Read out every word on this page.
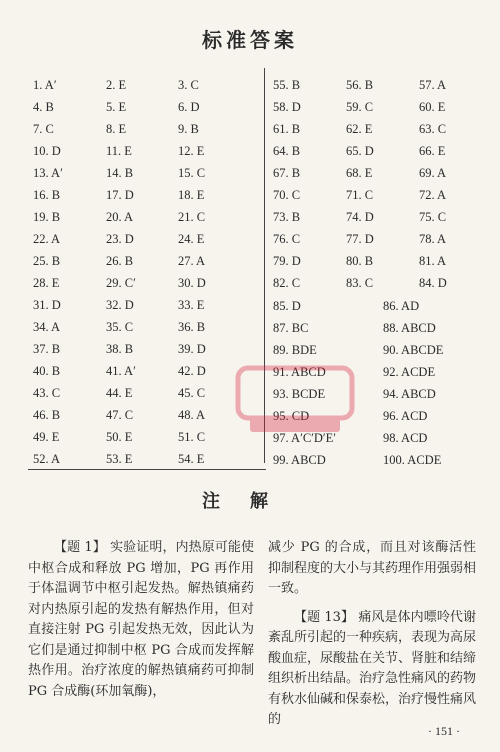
标准答案
1. A′	2. E	3. C
4. B	5. E	6. D
7. C	8. E	9. B
10. D	11. E	12. E
13. A′	14. B	15. C
16. B	17. D	18. E
19. B	20. A	21. C
22. A	23. D	24. E
25. B	26. B	27. A
28. E	29. C′	30. D
31. D	32. D	33. E
34. A	35. C	36. B
37. B	38. B	39. D
40. B	41. A′	42. D
43. C	44. E	45. C
46. B	47. C	48. A
49. E	50. E	51. C
52. A	53. E	54. E
55. B	56. B	57. A
58. D	59. C	60. E
61. B	62. E	63. C
64. B	65. D	66. E
67. B	68. E	69. A
70. C	71. C	72. A
73. B	74. D	75. C
76. C	77. D	78. A
79. D	80. B	81. A
82. C	83. C	84. D
85. D	86. AD
87. BC	88. ABCD
89. BDE	90. ABCDE
91. ABCD	92. ACDE
93. BCDE	94. ABCD
95. CD	96. ACD
97. A′C′D′E′	98. ACD
99. ABCD	100. ACDE
注解

【题 1】 实验证明，内热原可能使中枢合成和释放 PG 增加，PG 再作用于体温调节中枢引起发热。解热镇痛药对内热原引起的发热有解热作用，但对直接注射 PG 引起发热无效，因此认为它们是通过抑制中枢 PG 合成而发挥解热作用。治疗浓度的解热镇痛药可抑制 PG 合成酶(环加氧酶)，

减少 PG 的合成，而且对该酶活性抑制程度的大小与其药理作用强弱相一致。

【题 13】 痛风是体内嘌呤代谢紊乱所引起的一种疾病，表现为高尿酸血症，尿酸盐在关节、肾脏和结缔组织析出结晶。治疗急性痛风的药物有秋水仙碱和保泰松，治疗慢性痛风的

· 151 ·
